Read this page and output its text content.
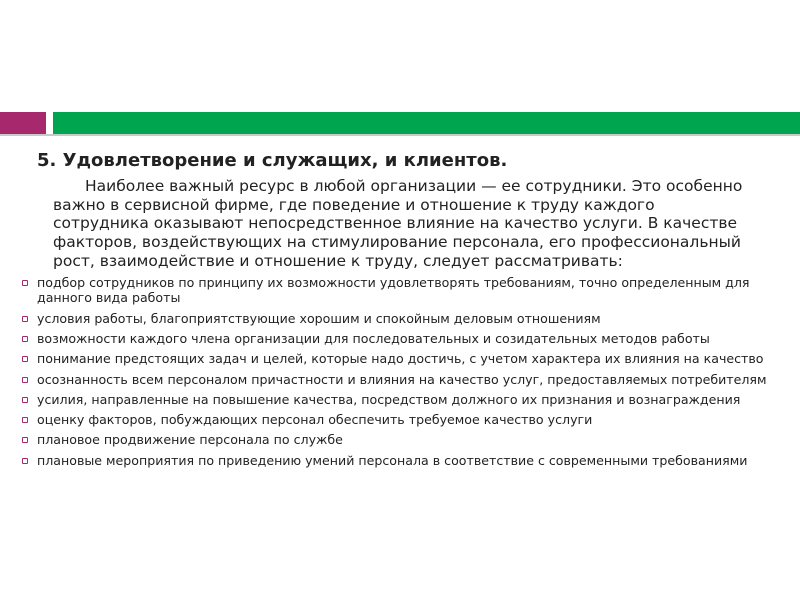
5. Удовлетворение и служащих, и клиентов.

Наиболее важный ресурс в любой организации — ее сотрудники. Это особенно важно в сервисной фирме, где поведение и отношение к труду каждого сотрудника оказывают непосредственное влияние на качество услуги. В качестве факторов, воздействующих на стимулирование персонала, его профессиональный рост, взаимодействие и отношение к труду, следует рассматривать:

подбор сотрудников по принципу их возможности удовлетворять требованиям, точно определенным для данного вида работы
условия работы, благоприятствующие хорошим и спокойным деловым отношениям
возможности каждого члена организации для последовательных и созидательных методов работы
понимание предстоящих задач и целей, которые надо достичь, с учетом характера их влияния на качество
осознанность всем персоналом причастности и влияния на качество услуг, предоставляемых потребителям
усилия, направленные на повышение качества, посредством должного их признания и вознаграждения
оценку факторов, побуждающих персонал обеспечить требуемое качество услуги
плановое продвижение персонала по службе
плановые мероприятия по приведению умений персонала в соответствие с современными требованиями
